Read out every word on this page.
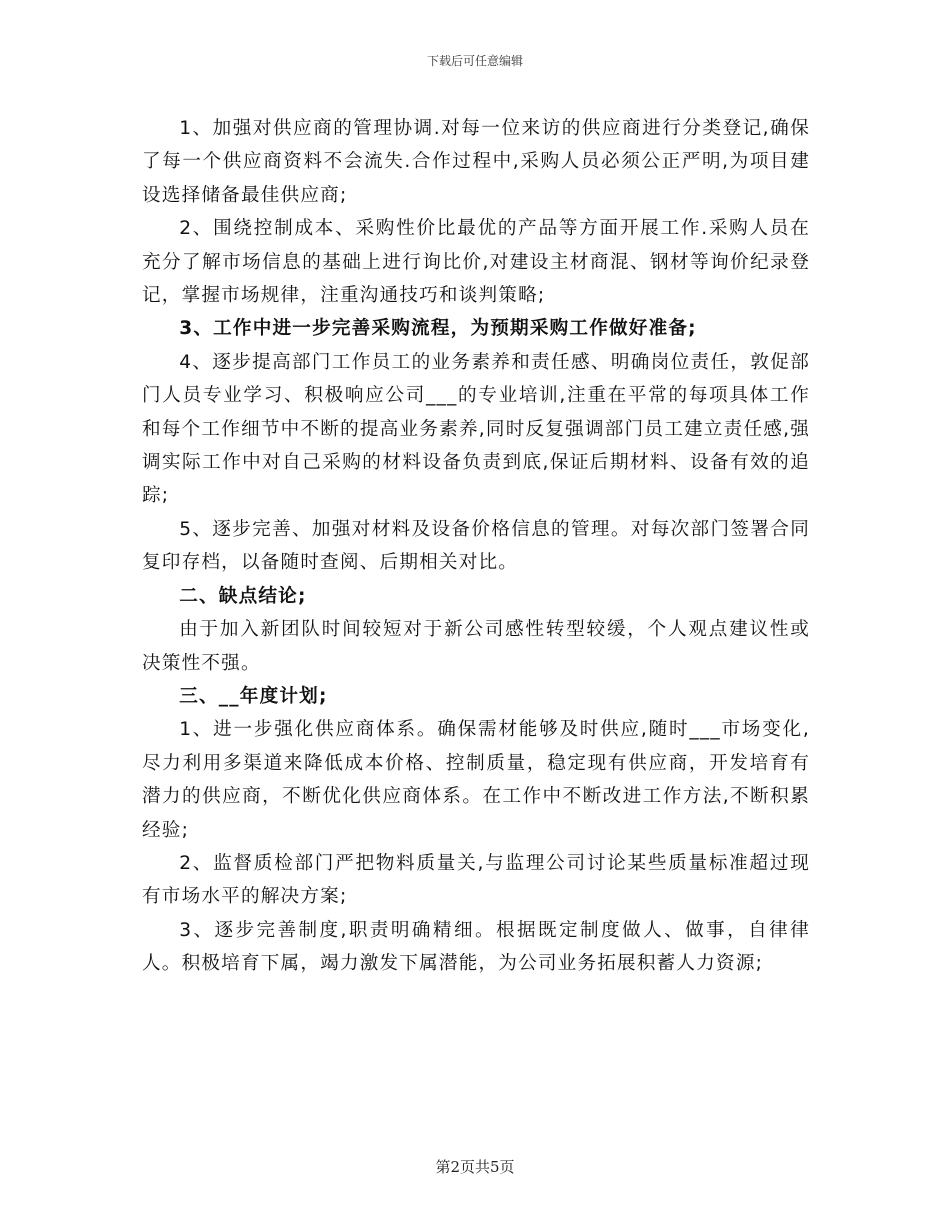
下载后可任意编辑

1、加强对供应商的管理协调.对每一位来访的供应商进行分类登记,确保了每一个供应商资料不会流失.合作过程中,采购人员必须公正严明,为项目建设选择储备最佳供应商;

2、围绕控制成本、采购性价比最优的产品等方面开展工作.采购人员在充分了解市场信息的基础上进行询比价,对建设主材商混、钢材等询价纪录登记，掌握市场规律，注重沟通技巧和谈判策略;

3、工作中进一步完善采购流程，为预期采购工作做好准备;

4、逐步提高部门工作员工的业务素养和责任感、明确岗位责任，敦促部门人员专业学习、积极响应公司___的专业培训,注重在平常的每项具体工作和每个工作细节中不断的提高业务素养,同时反复强调部门员工建立责任感,强调实际工作中对自己采购的材料设备负责到底,保证后期材料、设备有效的追踪;

5、逐步完善、加强对材料及设备价格信息的管理。对每次部门签署合同复印存档，以备随时查阅、后期相关对比。

二、缺点结论;

由于加入新团队时间较短对于新公司感性转型较缓，个人观点建议性或决策性不强。

三、__年度计划;

1、进一步强化供应商体系。确保需材能够及时供应,随时___市场变化,尽力利用多渠道来降低成本价格、控制质量，稳定现有供应商，开发培育有潜力的供应商，不断优化供应商体系。在工作中不断改进工作方法,不断积累经验;

2、监督质检部门严把物料质量关,与监理公司讨论某些质量标准超过现有市场水平的解决方案;

3、逐步完善制度,职责明确精细。根据既定制度做人、做事，自律律人。积极培育下属，竭力激发下属潜能，为公司业务拓展积蓄人力资源;

第2页共5页
